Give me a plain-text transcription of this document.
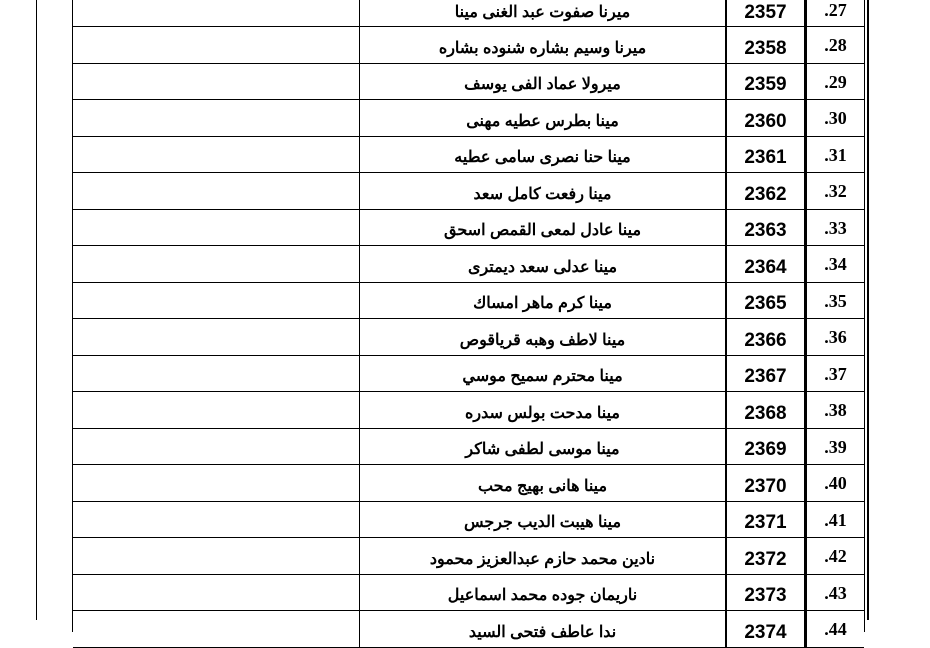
ميرنا صفوت عبد الغنى مينا	2357	.27
ميرنا وسيم بشاره شنوده بشاره	2358	.28
ميرولا عماد الفى يوسف	2359	.29
مينا بطرس عطيه مهنى	2360	.30
مينا حنا نصرى سامى عطيه	2361	.31
مينا رفعت كامل سعد	2362	.32
مينا عادل لمعى القمص اسحق	2363	.33
مينا عدلى سعد ديمترى	2364	.34
مينا كرم ماهر امساك	2365	.35
مينا لاطف وهبه قرياقوص	2366	.36
مينا محترم سميح موسي	2367	.37
مينا مدحت بولس سدره	2368	.38
مينا موسى لطفى شاكر	2369	.39
مينا هانى بهيج محب	2370	.40
مينا هيبت الديب جرجس	2371	.41
نادين محمد حازم عبدالعزيز محمود	2372	.42
ناريمان جوده محمد اسماعيل	2373	.43
ندا عاطف فتحى السيد	2374	.44
